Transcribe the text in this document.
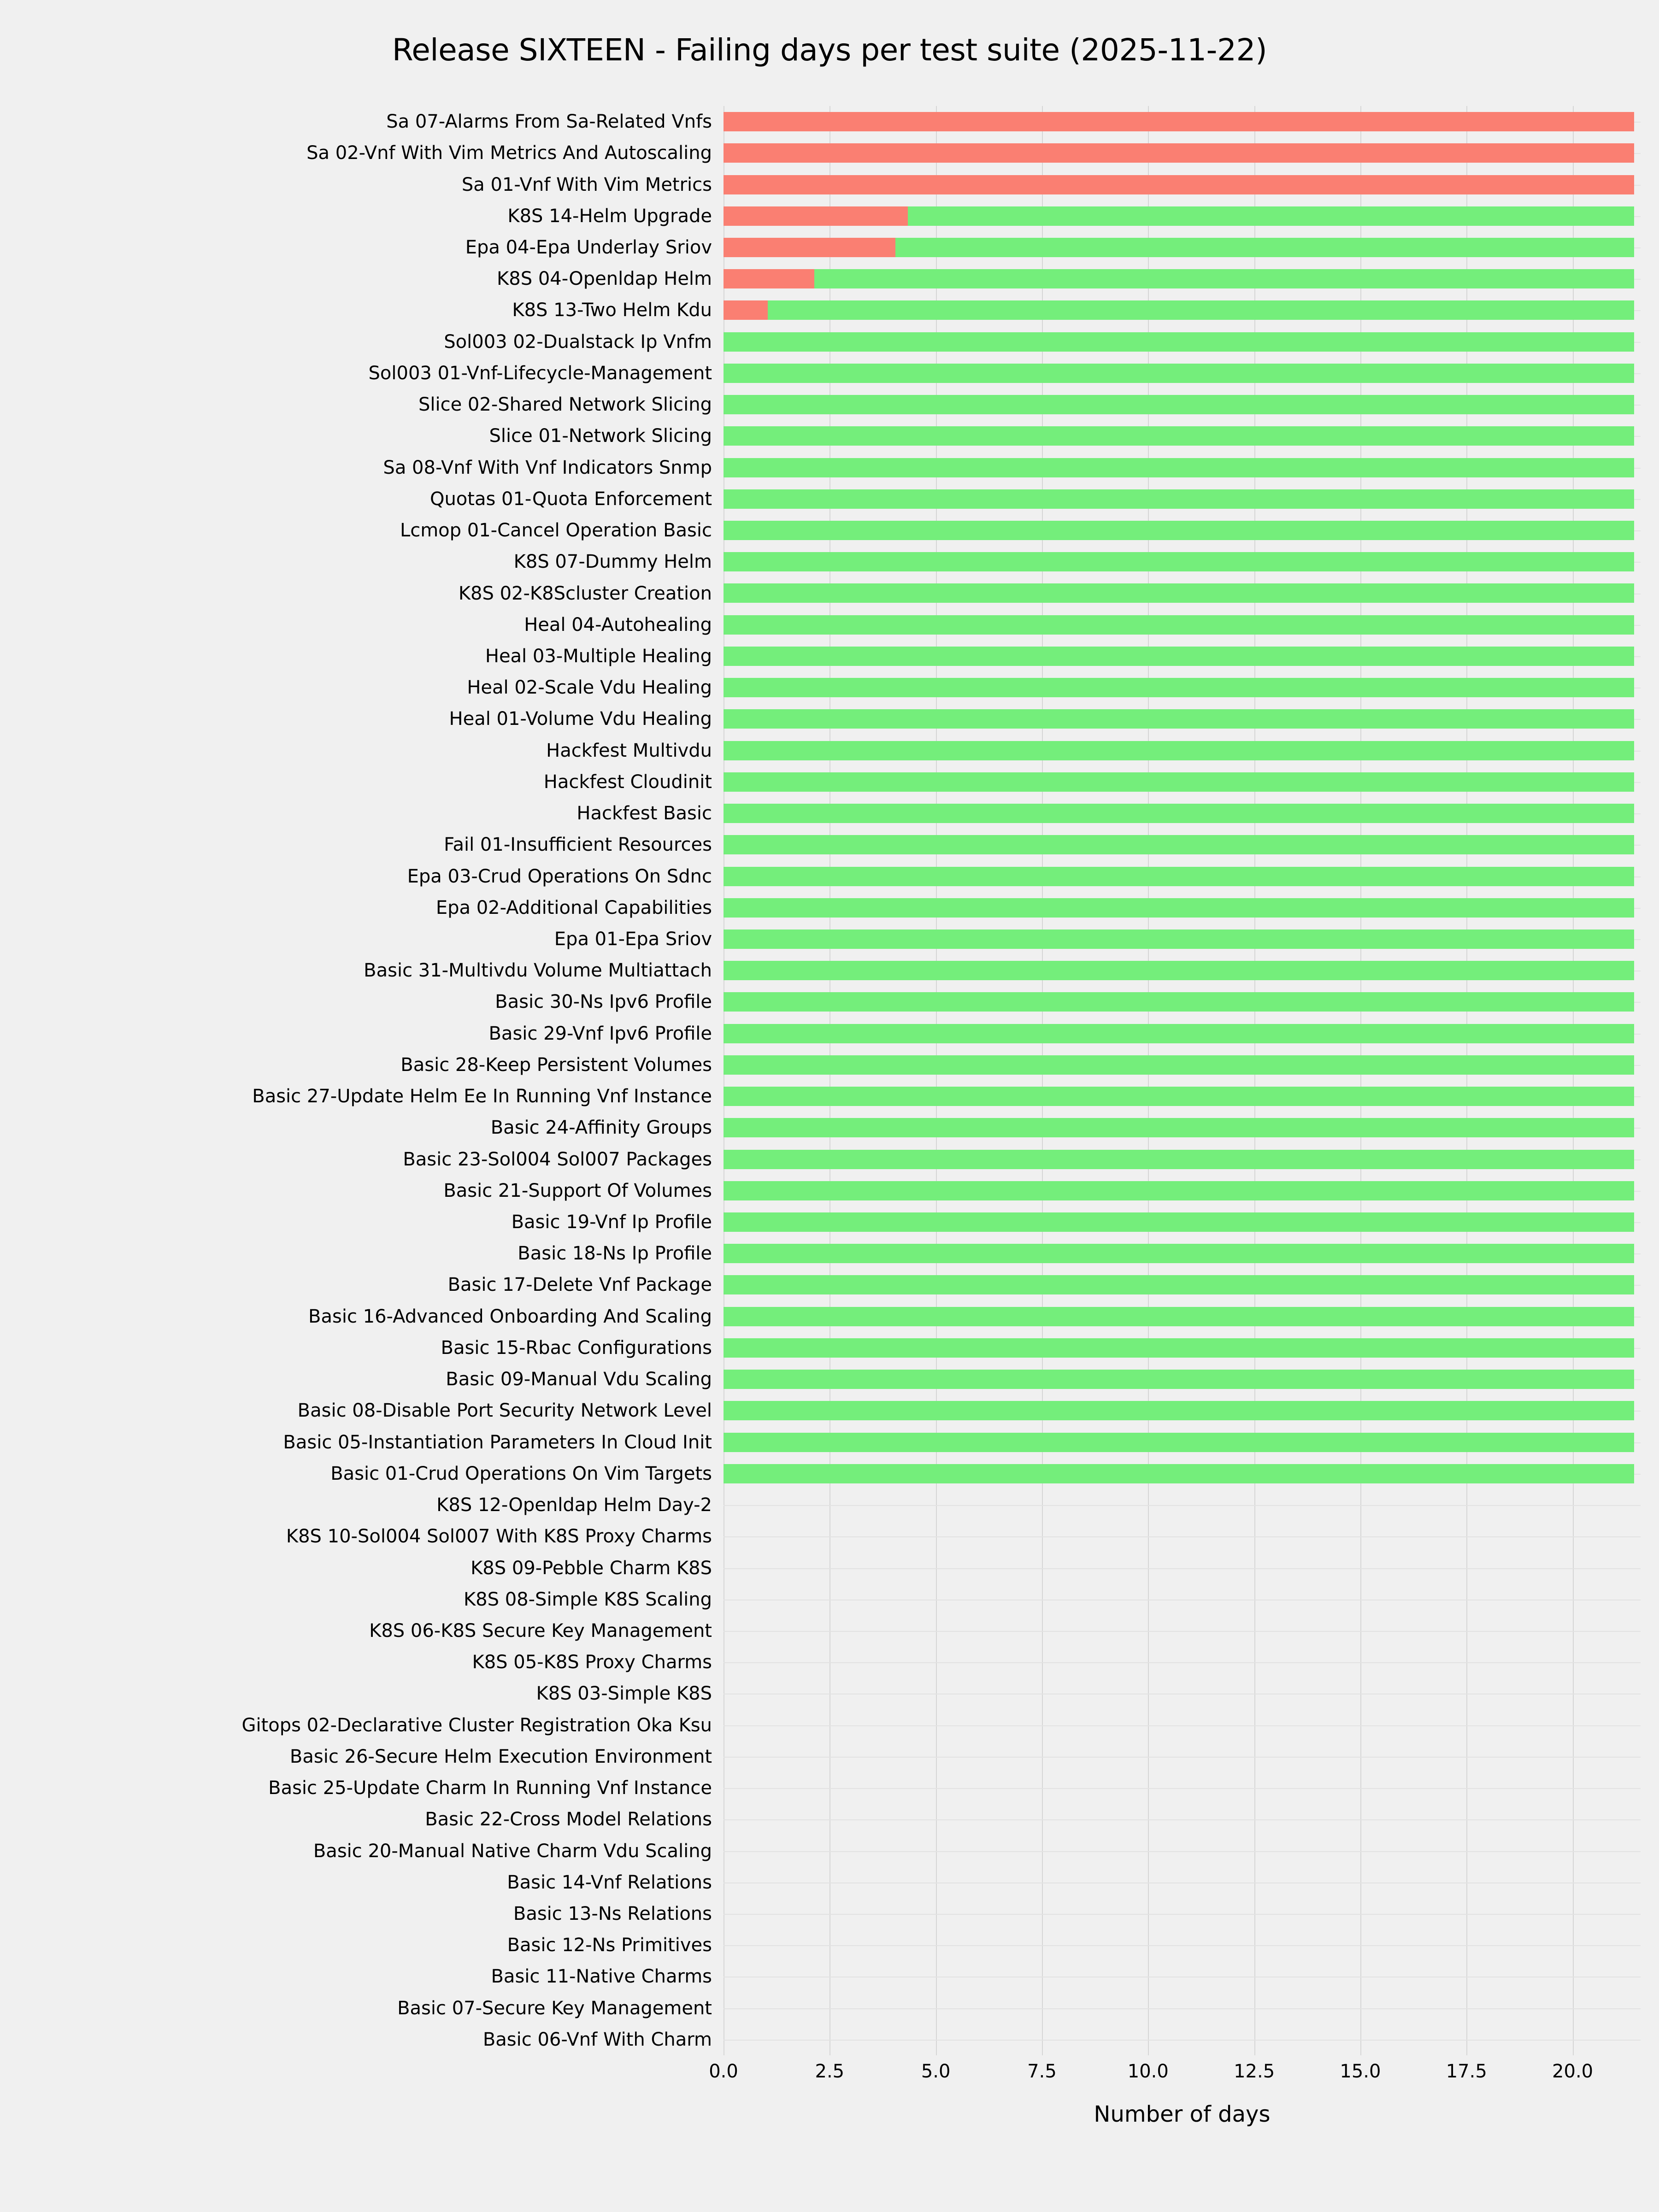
Release SIXTEEN - Failing days per test suite (2025-11-22)
Sa 07-Alarms From Sa-Related Vnfs
Sa 02-Vnf With Vim Metrics And Autoscaling
Sa 01-Vnf With Vim Metrics
K8S 14-Helm Upgrade
Epa 04-Epa Underlay Sriov
K8S 04-Openldap Helm
K8S 13-Two Helm Kdu
Sol003 02-Dualstack Ip Vnfm
Sol003 01-Vnf-Lifecycle-Management
Slice 02-Shared Network Slicing
Slice 01-Network Slicing
Sa 08-Vnf With Vnf Indicators Snmp
Quotas 01-Quota Enforcement
Lcmop 01-Cancel Operation Basic
K8S 07-Dummy Helm
K8S 02-K8Scluster Creation
Heal 04-Autohealing
Heal 03-Multiple Healing
Heal 02-Scale Vdu Healing
Heal 01-Volume Vdu Healing
Hackfest Multivdu
Hackfest Cloudinit
Hackfest Basic
Fail 01-Insufficient Resources
Epa 03-Crud Operations On Sdnc
Epa 02-Additional Capabilities
Epa 01-Epa Sriov
Basic 31-Multivdu Volume Multiattach
Basic 30-Ns Ipv6 Profile
Basic 29-Vnf Ipv6 Profile
Basic 28-Keep Persistent Volumes
Basic 27-Update Helm Ee In Running Vnf Instance
Basic 24-Affinity Groups
Basic 23-Sol004 Sol007 Packages
Basic 21-Support Of Volumes
Basic 19-Vnf Ip Profile
Basic 18-Ns Ip Profile
Basic 17-Delete Vnf Package
Basic 16-Advanced Onboarding And Scaling
Basic 15-Rbac Configurations
Basic 09-Manual Vdu Scaling
Basic 08-Disable Port Security Network Level
Basic 05-Instantiation Parameters In Cloud Init
Basic 01-Crud Operations On Vim Targets
K8S 12-Openldap Helm Day-2
K8S 10-Sol004 Sol007 With K8S Proxy Charms
K8S 09-Pebble Charm K8S
K8S 08-Simple K8S Scaling
K8S 06-K8S Secure Key Management
K8S 05-K8S Proxy Charms
K8S 03-Simple K8S
Gitops 02-Declarative Cluster Registration Oka Ksu
Basic 26-Secure Helm Execution Environment
Basic 25-Update Charm In Running Vnf Instance
Basic 22-Cross Model Relations
Basic 20-Manual Native Charm Vdu Scaling
Basic 14-Vnf Relations
Basic 13-Ns Relations
Basic 12-Ns Primitives
Basic 11-Native Charms
Basic 07-Secure Key Management
Basic 06-Vnf With Charm
0.0	2.5	5.0	7.5	10.0	12.5	15.0	17.5	20.0
Number of days
